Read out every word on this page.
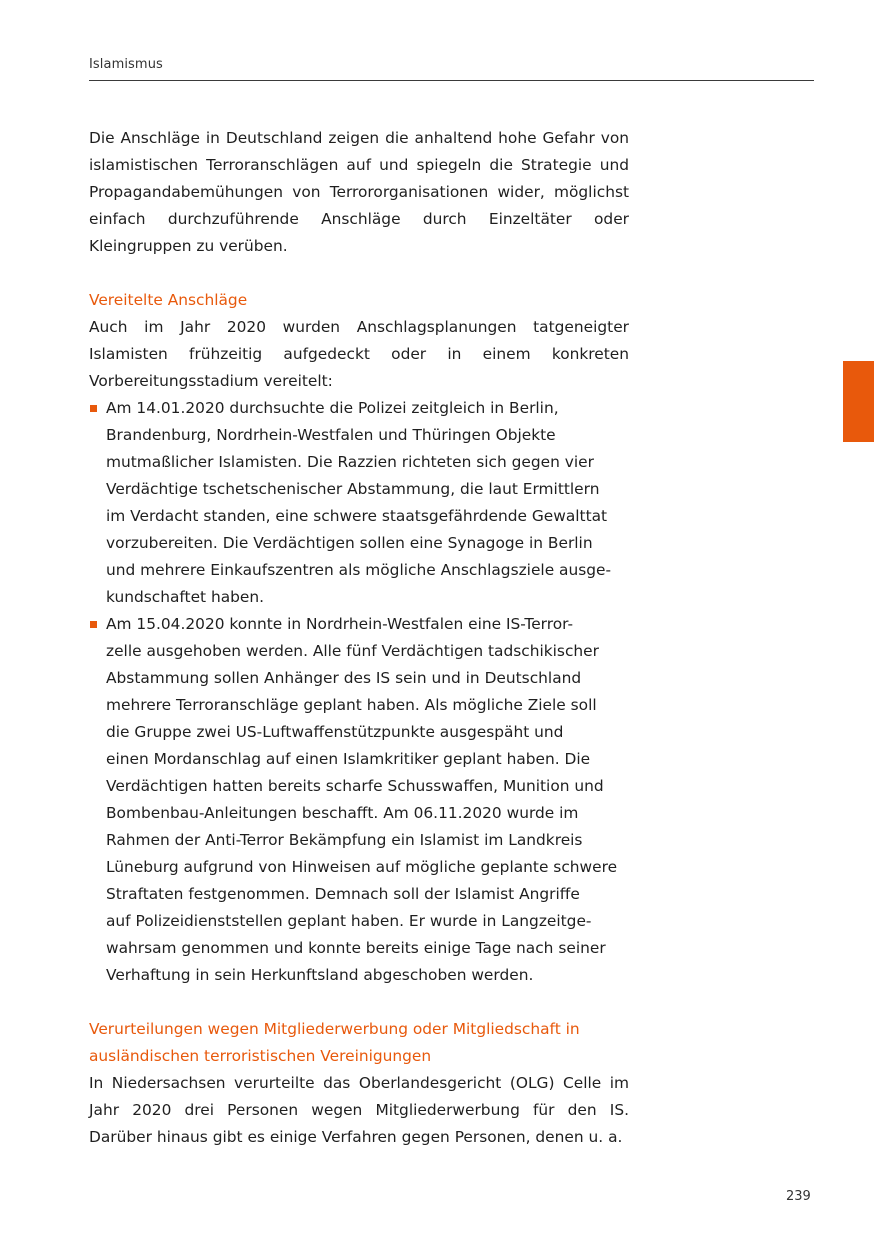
Islamismus

Die Anschläge in Deutschland zeigen die anhaltend hohe Gefahr von islamistischen Terroranschlägen auf und spiegeln die Strategie und Propagandabemühungen von Terrororganisationen wider, möglichst einfach durchzuführende Anschläge durch Einzeltäter oder Kleingruppen zu verüben.

Vereitelte Anschläge

Auch im Jahr 2020 wurden Anschlagsplanungen tatgeneigter Islamisten frühzeitig aufgedeckt oder in einem konkreten Vorbereitungsstadium vereitelt:

Am 14.01.2020 durchsuchte die Polizei zeitgleich in Berlin,
Brandenburg, Nordrhein-Westfalen und Thüringen Objekte
mutmaßlicher Islamisten. Die Razzien richteten sich gegen vier
Verdächtige tschetschenischer Abstammung, die laut Ermittlern
im Verdacht standen, eine schwere staatsgefährdende Gewalttat
vorzubereiten. Die Verdächtigen sollen eine Synagoge in Berlin
und mehrere Einkaufszentren als mögliche Anschlagsziele ausge-
kundschaftet haben.
Am 15.04.2020 konnte in Nordrhein-Westfalen eine IS-Terror-
zelle ausgehoben werden. Alle fünf Verdächtigen tadschikischer
Abstammung sollen Anhänger des IS sein und in Deutschland
mehrere Terroranschläge geplant haben. Als mögliche Ziele soll
die Gruppe zwei US-Luftwaffenstützpunkte ausgespäht und
einen Mordanschlag auf einen Islamkritiker geplant haben. Die
Verdächtigen hatten bereits scharfe Schusswaffen, Munition und
Bombenbau-Anleitungen beschafft. Am 06.11.2020 wurde im
Rahmen der Anti-Terror Bekämpfung ein Islamist im Landkreis
Lüneburg aufgrund von Hinweisen auf mögliche geplante schwere
Straftaten festgenommen. Demnach soll der Islamist Angriffe
auf Polizeidienststellen geplant haben. Er wurde in Langzeitge-
wahrsam genommen und konnte bereits einige Tage nach seiner
Verhaftung in sein Herkunftsland abgeschoben werden.
Verurteilungen wegen Mitgliederwerbung oder Mitgliedschaft in
ausländischen terroristischen Vereinigungen

In Niedersachsen verurteilte das Oberlandesgericht (OLG) Celle im Jahr 2020 drei Personen wegen Mitgliederwerbung für den IS. Darüber hinaus gibt es einige Verfahren gegen Personen, denen u. a.

239
